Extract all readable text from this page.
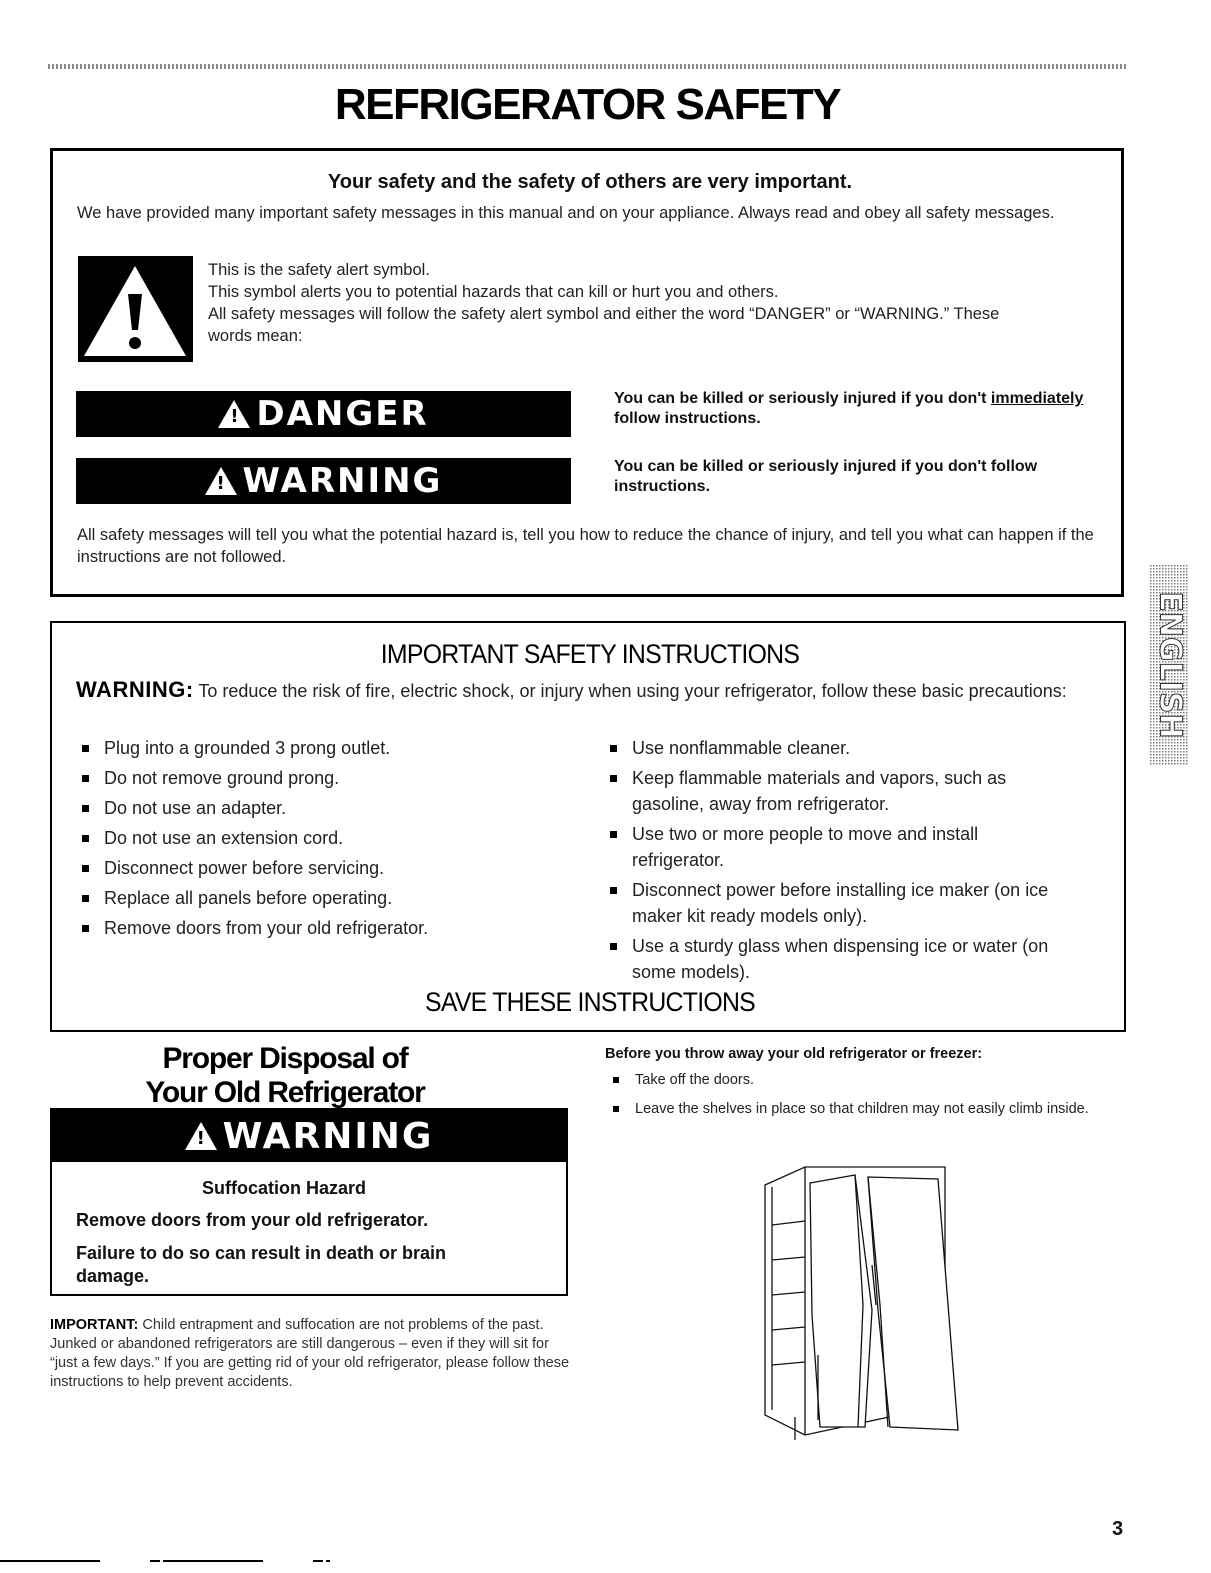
REFRIGERATOR SAFETY
Your safety and the safety of others are very important.
We have provided many important safety messages in this manual and on your appliance. Always read and obey all safety messages.
This is the safety alert symbol.
This symbol alerts you to potential hazards that can kill or hurt you and others.
All safety messages will follow the safety alert symbol and either the word “DANGER” or “WARNING.” These words mean:
!
DANGER	You can be killed or seriously injured if you don't immediately follow instructions.
!
WARNING	You can be killed or seriously injured if you don't follow instructions.
All safety messages will tell you what the potential hazard is, tell you how to reduce the chance of injury, and tell you what can happen if the instructions are not followed.
IMPORTANT SAFETY INSTRUCTIONS
WARNING: To reduce the risk of fire, electric shock, or injury when using your refrigerator, follow these basic precautions:
Plug into a grounded 3 prong outlet.
Do not remove ground prong.
Do not use an adapter.
Do not use an extension cord.
Disconnect power before servicing.
Replace all panels before operating.
Remove doors from your old refrigerator.
Use nonflammable cleaner.
Keep flammable materials and vapors, such as gasoline, away from refrigerator.
Use two or more people to move and install refrigerator.
Disconnect power before installing ice maker (on ice maker kit ready models only).
Use a sturdy glass when dispensing ice or water (on some models).
SAVE THESE INSTRUCTIONS
Proper Disposal of
Your Old Refrigerator
!
WARNING
Suffocation Hazard
Remove doors from your old refrigerator.
Failure to do so can result in death or brain damage.
IMPORTANT: Child entrapment and suffocation are not problems of the past. Junked or abandoned refrigerators are still dangerous – even if they will sit for “just a few days.” If you are getting rid of your old refrigerator, please follow these instructions to help prevent accidents.
Before you throw away your old refrigerator or freezer:
Take off the doors.
Leave the shelves in place so that children may not easily climb inside.
ENGLISH
3
